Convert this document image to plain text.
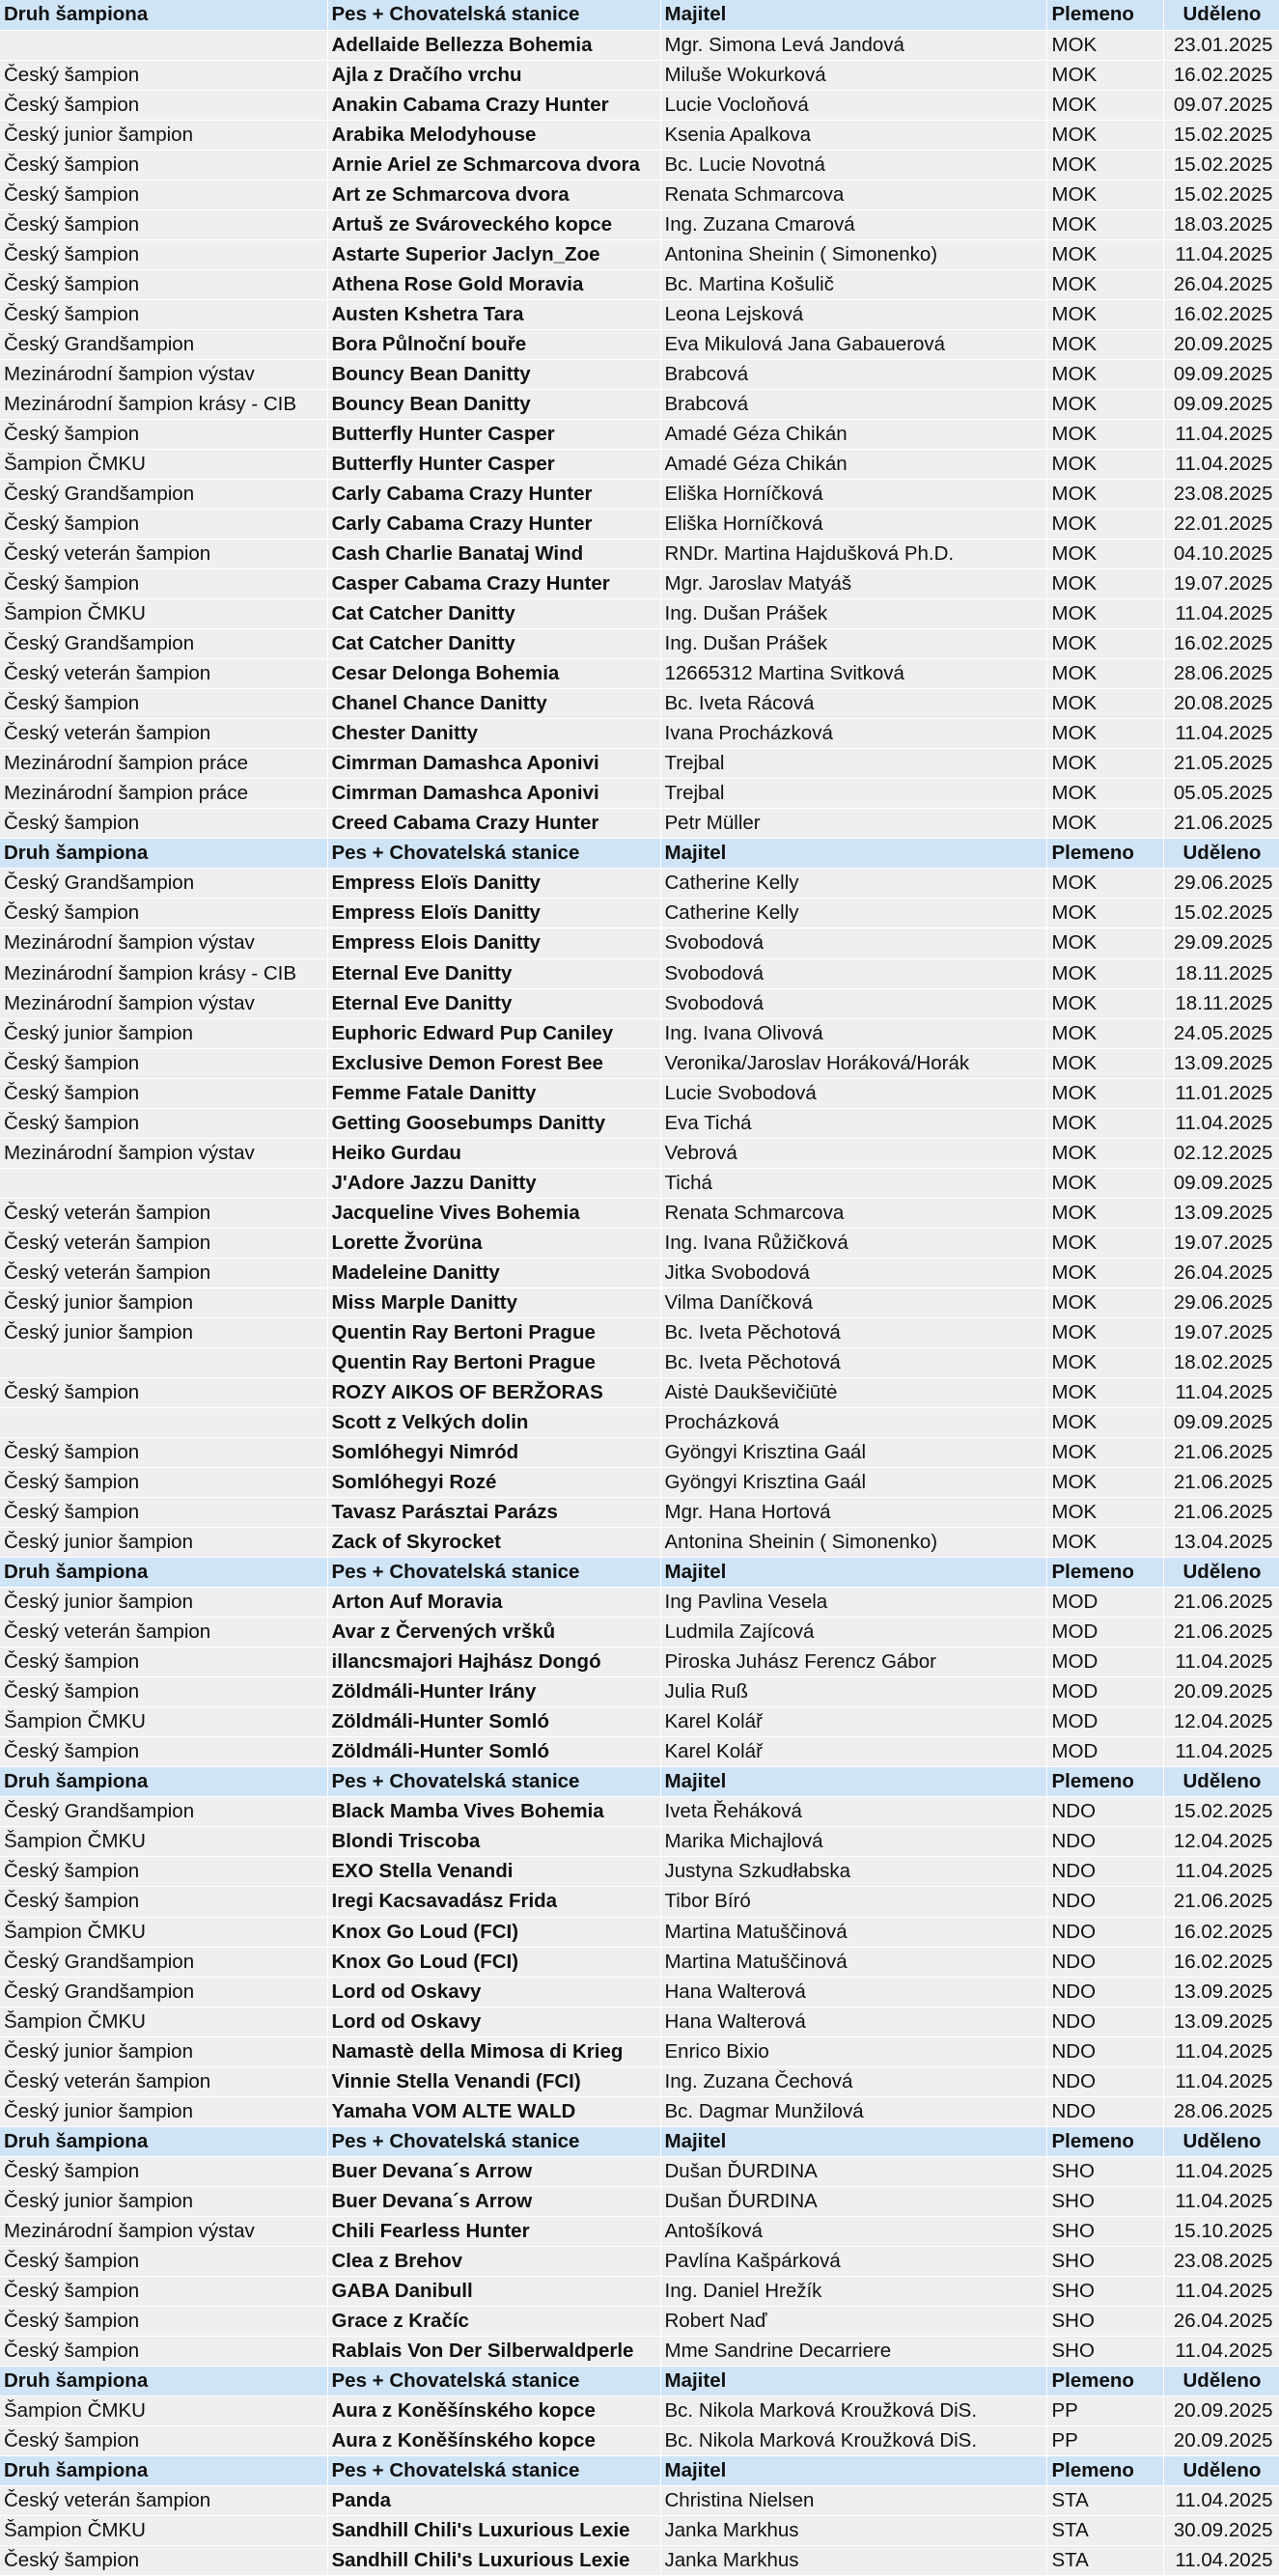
Druh šampiona	Pes + Chovatelská stanice	Majitel	Plemeno	Uděleno
	Adellaide Bellezza Bohemia	Mgr. Simona Levá Jandová	MOK	23.01.2025
Český šampion	Ajla z Dračího vrchu	Miluše Wokurková	MOK	16.02.2025
Český šampion	Anakin Cabama Crazy Hunter	Lucie Vocloňová	MOK	09.07.2025
Český junior šampion	Arabika Melodyhouse	Ksenia Apalkova	MOK	15.02.2025
Český šampion	Arnie Ariel ze Schmarcova dvora	Bc. Lucie Novotná	MOK	15.02.2025
Český šampion	Art ze Schmarcova dvora	Renata Schmarcova	MOK	15.02.2025
Český šampion	Artuš ze Svároveckého kopce	Ing. Zuzana Cmarová	MOK	18.03.2025
Český šampion	Astarte Superior Jaclyn_Zoe	Antonina Sheinin ( Simonenko)	MOK	11.04.2025
Český šampion	Athena Rose Gold Moravia	Bc. Martina Košulič	MOK	26.04.2025
Český šampion	Austen Kshetra Tara	Leona Lejsková	MOK	16.02.2025
Český Grandšampion	Bora Půlnoční bouře	Eva Mikulová Jana Gabauerová	MOK	20.09.2025
Mezinárodní šampion výstav	Bouncy Bean Danitty	Brabcová	MOK	09.09.2025
Mezinárodní šampion krásy - CIB	Bouncy Bean Danitty	Brabcová	MOK	09.09.2025
Český šampion	Butterfly Hunter Casper	Amadé Géza Chikán	MOK	11.04.2025
Šampion ČMKU	Butterfly Hunter Casper	Amadé Géza Chikán	MOK	11.04.2025
Český Grandšampion	Carly Cabama Crazy Hunter	Eliška Horníčková	MOK	23.08.2025
Český šampion	Carly Cabama Crazy Hunter	Eliška Horníčková	MOK	22.01.2025
Český veterán šampion	Cash Charlie Banataj Wind	RNDr. Martina Hajdušková Ph.D.	MOK	04.10.2025
Český šampion	Casper Cabama Crazy Hunter	Mgr. Jaroslav Matyáš	MOK	19.07.2025
Šampion ČMKU	Cat Catcher Danitty	Ing. Dušan Prášek	MOK	11.04.2025
Český Grandšampion	Cat Catcher Danitty	Ing. Dušan Prášek	MOK	16.02.2025
Český veterán šampion	Cesar Delonga Bohemia	12665312 Martina Svitková	MOK	28.06.2025
Český šampion	Chanel Chance Danitty	Bc. Iveta Rácová	MOK	20.08.2025
Český veterán šampion	Chester Danitty	Ivana Procházková	MOK	11.04.2025
Mezinárodní šampion práce	Cimrman Damashca Aponivi	Trejbal	MOK	21.05.2025
Mezinárodní šampion práce	Cimrman Damashca Aponivi	Trejbal	MOK	05.05.2025
Český šampion	Creed Cabama Crazy Hunter	Petr Müller	MOK	21.06.2025
Druh šampiona	Pes + Chovatelská stanice	Majitel	Plemeno	Uděleno
Český Grandšampion	Empress Eloïs Danitty	Catherine Kelly	MOK	29.06.2025
Český šampion	Empress Eloïs Danitty	Catherine Kelly	MOK	15.02.2025
Mezinárodní šampion výstav	Empress Elois Danitty	Svobodová	MOK	29.09.2025
Mezinárodní šampion krásy - CIB	Eternal Eve Danitty	Svobodová	MOK	18.11.2025
Mezinárodní šampion výstav	Eternal Eve Danitty	Svobodová	MOK	18.11.2025
Český junior šampion	Euphoric Edward Pup Caniley	Ing. Ivana Olivová	MOK	24.05.2025
Český šampion	Exclusive Demon Forest Bee	Veronika/Jaroslav Horáková/Horák	MOK	13.09.2025
Český šampion	Femme Fatale Danitty	Lucie Svobodová	MOK	11.01.2025
Český šampion	Getting Goosebumps Danitty	Eva Tichá	MOK	11.04.2025
Mezinárodní šampion výstav	Heiko Gurdau	Vebrová	MOK	02.12.2025
	J'Adore Jazzu Danitty	Tichá	MOK	09.09.2025
Český veterán šampion	Jacqueline Vives Bohemia	Renata Schmarcova	MOK	13.09.2025
Český veterán šampion	Lorette Žvorüna	Ing. Ivana Růžičková	MOK	19.07.2025
Český veterán šampion	Madeleine Danitty	Jitka Svobodová	MOK	26.04.2025
Český junior šampion	Miss Marple Danitty	Vilma Daníčková	MOK	29.06.2025
Český junior šampion	Quentin Ray Bertoni Prague	Bc. Iveta Pěchotová	MOK	19.07.2025
	Quentin Ray Bertoni Prague	Bc. Iveta Pěchotová	MOK	18.02.2025
Český šampion	ROZY AIKOS OF BERŽORAS	Aistė Daukševičiūtė	MOK	11.04.2025
	Scott z Velkých dolin	Procházková	MOK	09.09.2025
Český šampion	Somlóhegyi Nimród	Gyöngyi Krisztina Gaál	MOK	21.06.2025
Český šampion	Somlóhegyi Rozé	Gyöngyi Krisztina Gaál	MOK	21.06.2025
Český šampion	Tavasz Parásztai Parázs	Mgr. Hana Hortová	MOK	21.06.2025
Český junior šampion	Zack of Skyrocket	Antonina Sheinin ( Simonenko)	MOK	13.04.2025
Druh šampiona	Pes + Chovatelská stanice	Majitel	Plemeno	Uděleno
Český junior šampion	Arton Auf Moravia	Ing Pavlina Vesela	MOD	21.06.2025
Český veterán šampion	Avar z Červených vršků	Ludmila Zajícová	MOD	21.06.2025
Český šampion	illancsmajori Hajhász Dongó	Piroska Juhász Ferencz Gábor	MOD	11.04.2025
Český šampion	Zöldmáli-Hunter Irány	Julia Ruß	MOD	20.09.2025
Šampion ČMKU	Zöldmáli-Hunter Somló	Karel Kolář	MOD	12.04.2025
Český šampion	Zöldmáli-Hunter Somló	Karel Kolář	MOD	11.04.2025
Druh šampiona	Pes + Chovatelská stanice	Majitel	Plemeno	Uděleno
Český Grandšampion	Black Mamba Vives Bohemia	Iveta Řeháková	NDO	15.02.2025
Šampion ČMKU	Blondi Triscoba	Marika Michajlová	NDO	12.04.2025
Český šampion	EXO Stella Venandi	Justyna Szkudłabska	NDO	11.04.2025
Český šampion	Iregi Kacsavadász Frida	Tibor Bíró	NDO	21.06.2025
Šampion ČMKU	Knox Go Loud (FCI)	Martina Matuščinová	NDO	16.02.2025
Český Grandšampion	Knox Go Loud (FCI)	Martina Matuščinová	NDO	16.02.2025
Český Grandšampion	Lord od Oskavy	Hana Walterová	NDO	13.09.2025
Šampion ČMKU	Lord od Oskavy	Hana Walterová	NDO	13.09.2025
Český junior šampion	Namastè della Mimosa di Krieg	Enrico Bixio	NDO	11.04.2025
Český veterán šampion	Vinnie Stella Venandi (FCI)	Ing. Zuzana Čechová	NDO	11.04.2025
Český junior šampion	Yamaha VOM ALTE WALD	Bc. Dagmar Munžilová	NDO	28.06.2025
Druh šampiona	Pes + Chovatelská stanice	Majitel	Plemeno	Uděleno
Český šampion	Buer Devana´s Arrow	Dušan ĎURDINA	SHO	11.04.2025
Český junior šampion	Buer Devana´s Arrow	Dušan ĎURDINA	SHO	11.04.2025
Mezinárodní šampion výstav	Chili Fearless Hunter	Antošíková	SHO	15.10.2025
Český šampion	Clea z Brehov	Pavlína Kašpárková	SHO	23.08.2025
Český šampion	GABA Danibull	Ing. Daniel Hrežík	SHO	11.04.2025
Český šampion	Grace z Kračíc	Robert Naď	SHO	26.04.2025
Český šampion	Rablais Von Der Silberwaldperle	Mme Sandrine Decarriere	SHO	11.04.2025
Druh šampiona	Pes + Chovatelská stanice	Majitel	Plemeno	Uděleno
Šampion ČMKU	Aura z Koněšínského kopce	Bc. Nikola Marková Kroužková DiS.	PP	20.09.2025
Český šampion	Aura z Koněšínského kopce	Bc. Nikola Marková Kroužková DiS.	PP	20.09.2025
Druh šampiona	Pes + Chovatelská stanice	Majitel	Plemeno	Uděleno
Český veterán šampion	Panda	Christina Nielsen	STA	11.04.2025
Šampion ČMKU	Sandhill Chili's Luxurious Lexie	Janka Markhus	STA	30.09.2025
Český šampion	Sandhill Chili's Luxurious Lexie	Janka Markhus	STA	11.04.2025
